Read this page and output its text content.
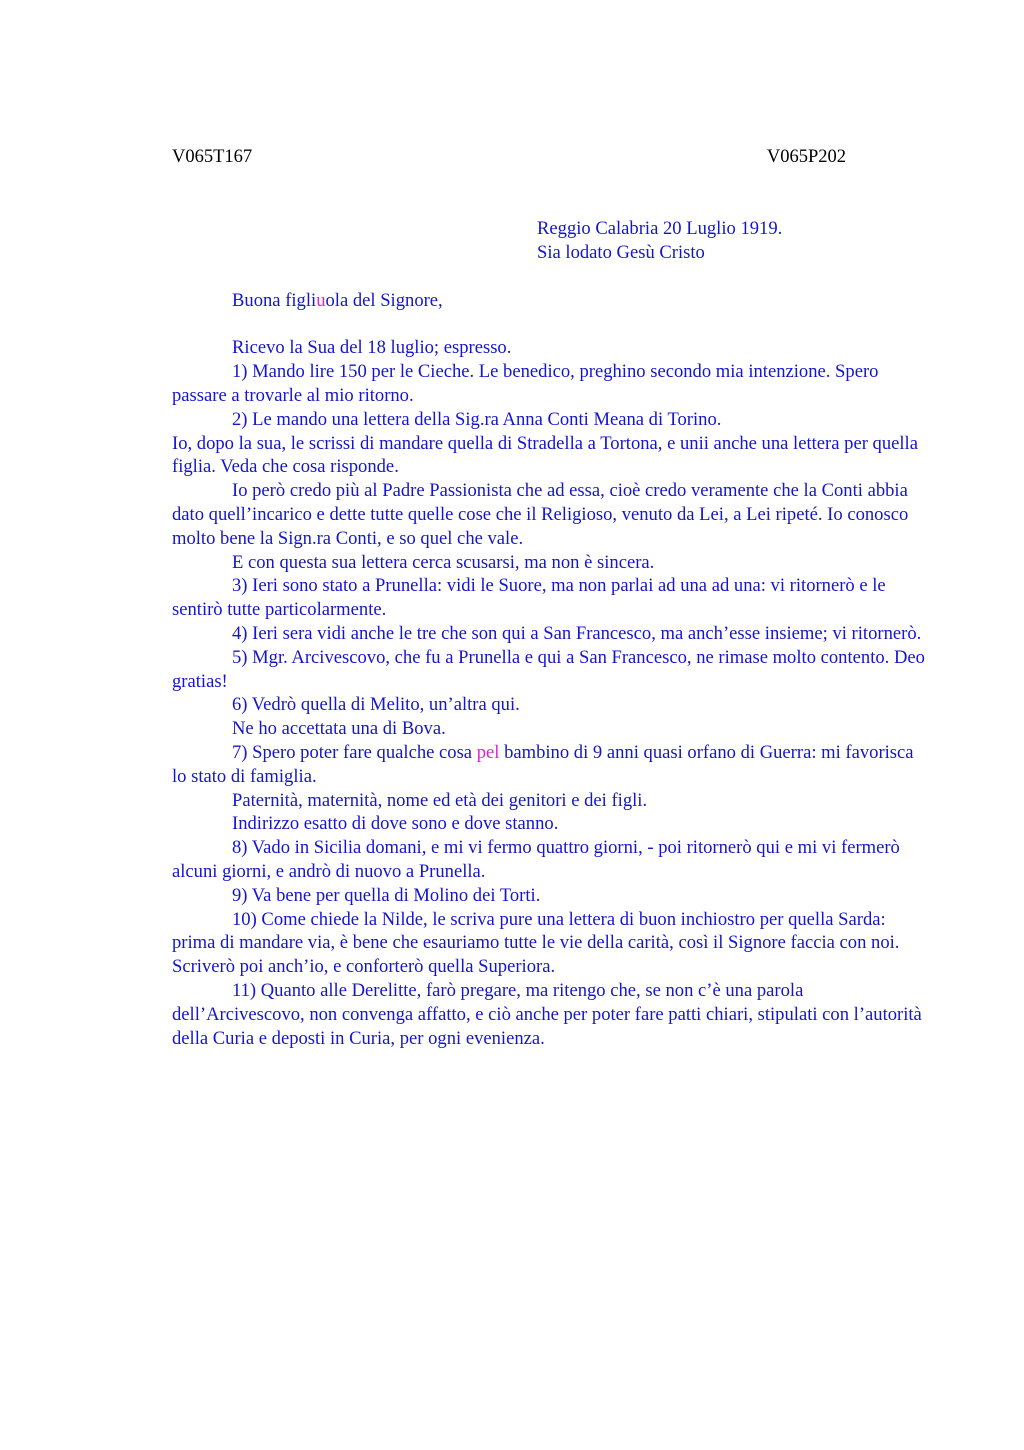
V065T167	V065P202
Reggio Calabria 20 Luglio 1919.
Sia lodato Gesù Cristo
Buona figliuola del Signore,

Ricevo la Sua del 18 luglio; espresso.

1) Mando lire 150 per le Cieche. Le benedico, preghino secondo mia intenzione. Spero passare a trovarle al mio ritorno.

2) Le mando una lettera della Sig.ra Anna Conti Meana di Torino.

Io, dopo la sua, le scrissi di mandare quella di Stradella a Tortona, e unii anche una lettera per quella figlia. Veda che cosa risponde.

Io però credo più al Padre Passionista che ad essa, cioè credo veramente che la Conti abbia dato quell’incarico e dette tutte quelle cose che il Religioso, venuto da Lei, a Lei ripeté. Io conosco molto bene la Sign.ra Conti, e so quel che vale.

E con questa sua lettera cerca scusarsi, ma non è sincera.

3) Ieri sono stato a Prunella: vidi le Suore, ma non parlai ad una ad una: vi ritornerò e le sentirò tutte particolarmente.

4) Ieri sera vidi anche le tre che son qui a San Francesco, ma anch’esse insieme; vi ritornerò.

5) Mgr. Arcivescovo, che fu a Prunella e qui a San Francesco, ne rimase molto contento. Deo gratias!

6) Vedrò quella di Melito, un’altra qui.

Ne ho accettata una di Bova.

7) Spero poter fare qualche cosa pel bambino di 9 anni quasi orfano di Guerra: mi favorisca lo stato di famiglia.

Paternità, maternità, nome ed età dei genitori e dei figli.

Indirizzo esatto di dove sono e dove stanno.

8) Vado in Sicilia domani, e mi vi fermo quattro giorni, - poi ritornerò qui e mi vi fermerò alcuni giorni, e andrò di nuovo a Prunella.

9) Va bene per quella di Molino dei Torti.

10) Come chiede la Nilde, le scriva pure una lettera di buon inchiostro per quella Sarda: prima di mandare via, è bene che esauriamo tutte le vie della carità, così il Signore faccia con noi. Scriverò poi anch’io, e conforterò quella Superiora.

11) Quanto alle Derelitte, farò pregare, ma ritengo che, se non c’è una parola dell’Arcivescovo, non convenga affatto, e ciò anche per poter fare patti chiari, stipulati con l’autorità della Curia e deposti in Curia, per ogni evenienza.
